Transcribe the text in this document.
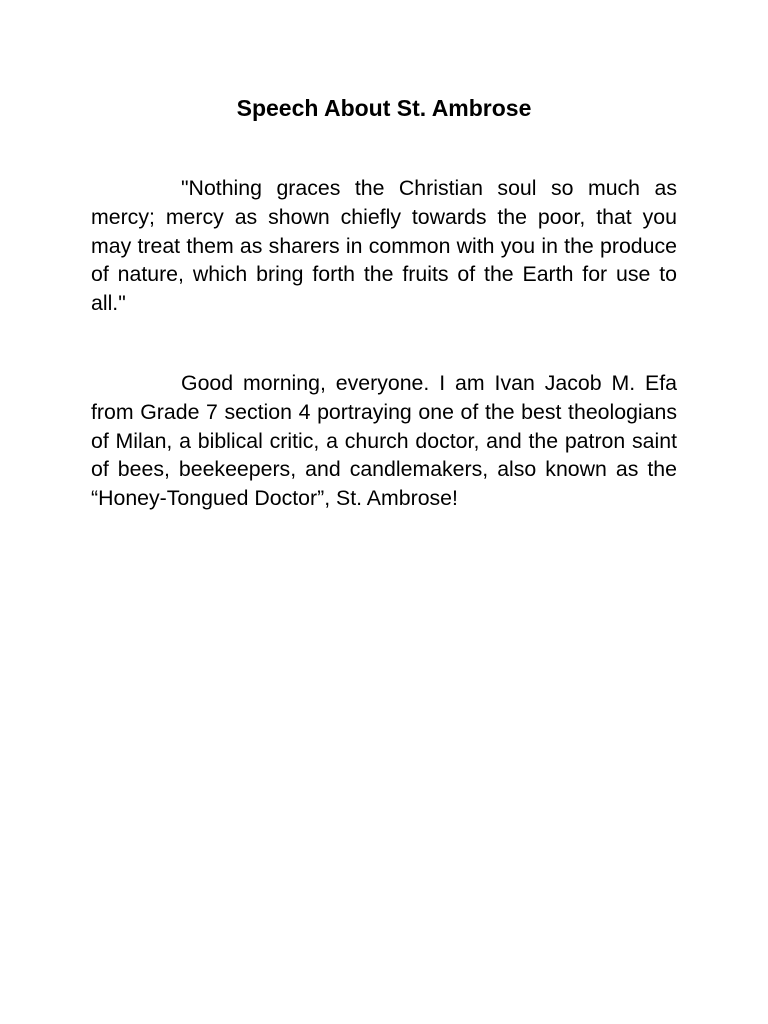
Speech About St. Ambrose

"Nothing graces the Christian soul so much as mercy; mercy as shown chiefly towards the poor, that you may treat them as sharers in common with you in the produce of nature, which bring forth the fruits of the Earth for use to all."

Good morning, everyone. I am Ivan Jacob M. Efa from Grade 7 section 4 portraying one of the best theologians of Milan, a biblical critic, a church doctor, and the patron saint of bees, beekeepers, and candlemakers, also known as the “Honey-Tongued Doctor”, St. Ambrose!
